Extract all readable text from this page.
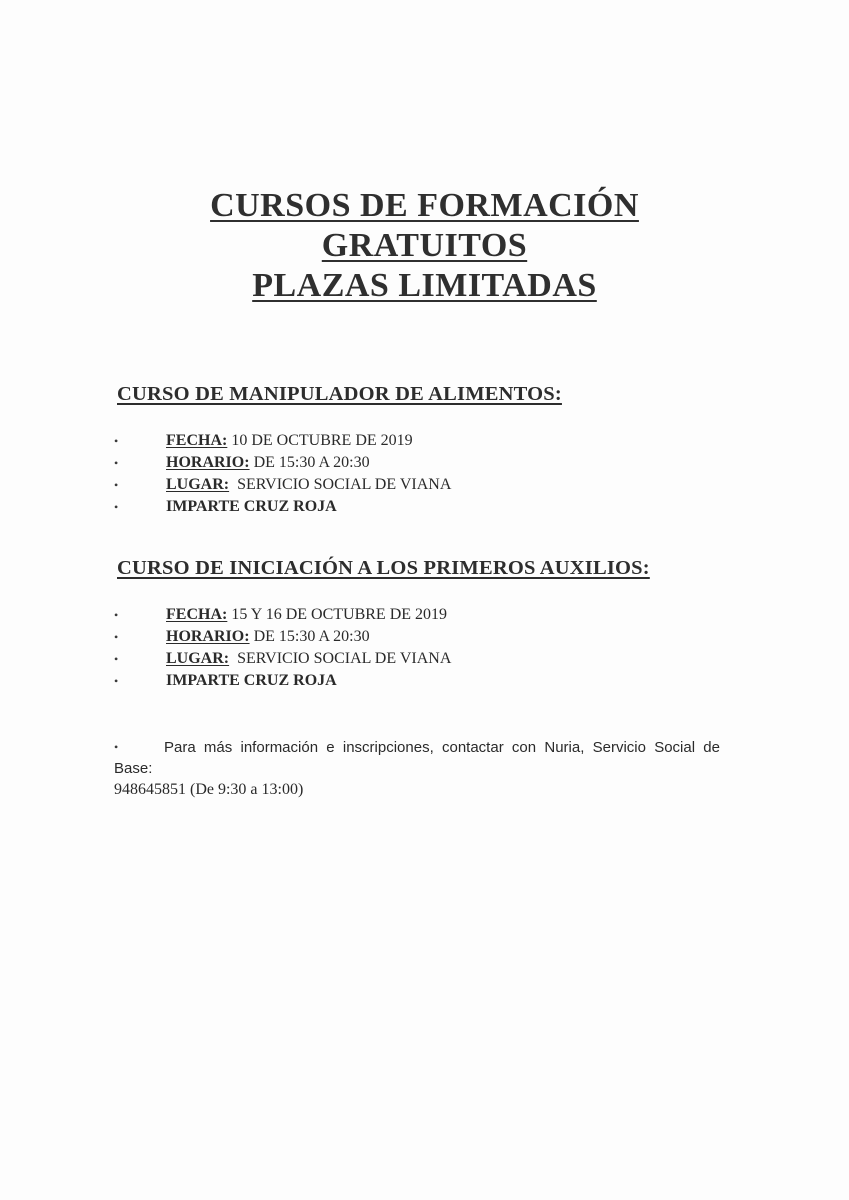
CURSOS DE FORMACIÓN
GRATUITOS
PLAZAS LIMITADAS
CURSO DE MANIPULADOR DE ALIMENTOS:
•	FECHA: 10 DE OCTUBRE DE 2019
•	HORARIO: DE 15:30 A 20:30
•	LUGAR:  SERVICIO SOCIAL DE VIANA
•	IMPARTE CRUZ ROJA
CURSO DE INICIACIÓN A LOS PRIMEROS AUXILIOS:
•	FECHA: 15 Y 16 DE OCTUBRE DE 2019
•	HORARIO: DE 15:30 A 20:30
•	LUGAR:  SERVICIO SOCIAL DE VIANA
•	IMPARTE CRUZ ROJA
•	Para más información e inscripciones, contactar con Nuria, Servicio Social de
Base:
948645851 (De 9:30 a 13:00)
